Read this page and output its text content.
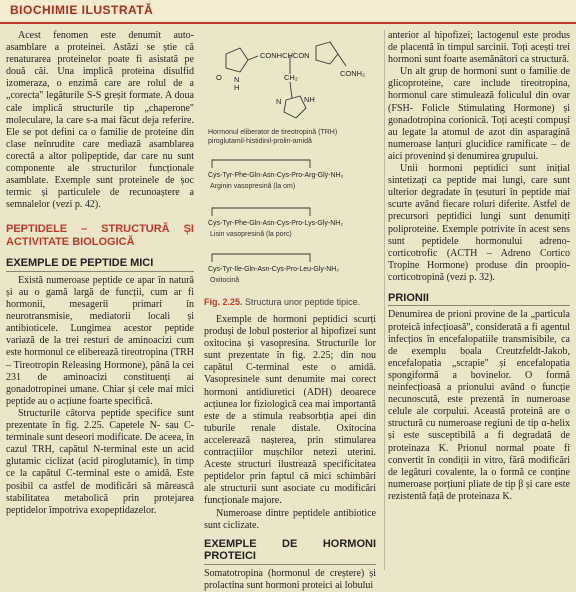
BIOCHIMIE ILUSTRATĂ

Acest fenomen este denumit auto-asamblare a proteinei. Astăzi se știe că renaturarea proteinelor poate fi asistată pe două căi. Una implică proteina disulfid izomeraza, o enzimă care are rolul de a „corecta" legăturile S-S greșit formate. A doua cale implică structurile tip „chaperone" moleculare, la care s-a mai făcut deja referire. Ele se pot defini ca o familie de proteine din clase neînrudite care mediază asamblarea corectă a altor polipeptide, dar care nu sunt componente ale structurilor funcționale asamblate. Exemple sunt proteinele de șoc termic și particulele de recunoaștere a semnalelor (vezi p. 42).

PEPTIDELE – STRUCTURĂ ȘI ACTIVITATE BIOLOGICĂ

EXEMPLE DE PEPTIDE MICI

Există numeroase peptide ce apar în natură și au o gamă largă de funcții, cum ar fi hormonii, mesagerii primari în neurotransmisie, mediatorii locali și antibioticele. Lungimea acestor peptide variază de la trei resturi de aminoacizi cum este hormonul ce eliberează tireotropina (TRH – Tireotropin Releasing Hormone), până la cei 231 de aminoacizi constituenți ai gonadotropinei umane. Chiar și cele mai mici peptide au o acțiune foarte specifică.

Structurile câtorva peptide specifice sunt prezentate în fig. 2.25. Capetele N- sau C-terminale sunt deseori modificate. De aceea, în cazul TRH, capătul N-terminal este un acid glutamic ciclizat (acid piroglutamic), în timp ce la capătul C-terminal este o amidă. Este posibil ca astfel de modificări să mărească stabilitatea metabolică prin protejarea peptidelor împotriva exopeptidazelor.

O N
H
CONHCHCON
CH₂	CONH₂
N	NH
Hormonul eliberator de tireotropină (TRH)
piroglutamil-histidinil-prolin-amidă
Cys-Tyr-Phe-Gln-Asn-Cys-Pro-Arg-Gly-NH₂
Arginin vasopresină (la om)
Cys-Tyr-Phe-Gln-Asn-Cys-Pro-Lys-Gly-NH₂
Lisin vasopresină (la porc)
Cys-Tyr-Ile-Gln-Asn-Cys-Pro-Leu-Gly-NH₂
Oxitocină
Fig. 2.25. Structura unor peptide tipice.

Exemple de hormoni peptidici scurți produși de lobul posterior al hipofizei sunt oxitocina și vasopresina. Structurile lor sunt prezentate în fig. 2.25; din nou capătul C-terminal este o amidă. Vasopresinele sunt denumite mai corect hormoni antidiuretici (ADH) deoarece acțiunea lor fiziologică cea mai importantă este de a stimula reabsorbția apei din tuburile renale distale. Oxitocina accelerează nașterea, prin stimularea contracțiilor mușchilor netezi uterini. Aceste structuri ilustrează specificitatea peptidelor prin faptul că mici schimbări ale structurii sunt asociate cu modificări funcționale majore.

Numeroase dintre peptidele antibiotice sunt ciclizate.

EXEMPLE DE HORMONI PROTEICI

Somatotropina (hormonul de creștere) și prolactina sunt hormoni proteici ai lobului

anterior al hipofizei; lactogenul este produs de placentă în timpul sarcinii. Toți acești trei hormoni sunt foarte asemănători ca structură.

Un alt grup de hormoni sunt o familie de glicoproteine, care include tireotropina, hormonul care stimulează foliculul din ovar (FSH- Folicle Stimulating Hormone) și gonadotropina corionică. Toți acești compuși au legate la atomul de azot din asparagină numeroase lanțuri glucidice ramificate – de aici provenind și denumirea grupului.

Unii hormoni peptidici sunt inițial sintetizați ca peptide mai lungi, care sunt ulterior degradate în țesuturi în peptide mai scurte având fiecare roluri diferite. Astfel de precursori peptidici lungi sunt denumiți poliproteine. Exemple potrivite în acest sens sunt peptidele hormonului adreno-corticotrofic (ACTH – Adreno Cortico Tropine Hormone) produse din proopio-corticotropină (vezi p. 32).

PRIONII

Denumirea de prioni provine de la „particula proteică infecțioasă", considerată a fi agentul infecțios în encefalopatiile transmisibile, ca de exemplu boala Creutzfeldt-Jakob, encefalopatia „scrapie" și encefalopatia spongiformă a bovinelor. O formă neinfecțioasă a prionului având o funcție necunoscută, este prezentă în numeroase celule ale corpului. Această proteină are o structură cu numeroase regiuni de tip α-helix și este susceptibilă a fi degradată de proteinaza K. Prionul normal poate fi convertit în condiții in vitro, fără modificări de legături covalente, la o formă ce conține numeroase porțiuni pliate de tip β și care este rezistentă față de proteinaza K.
